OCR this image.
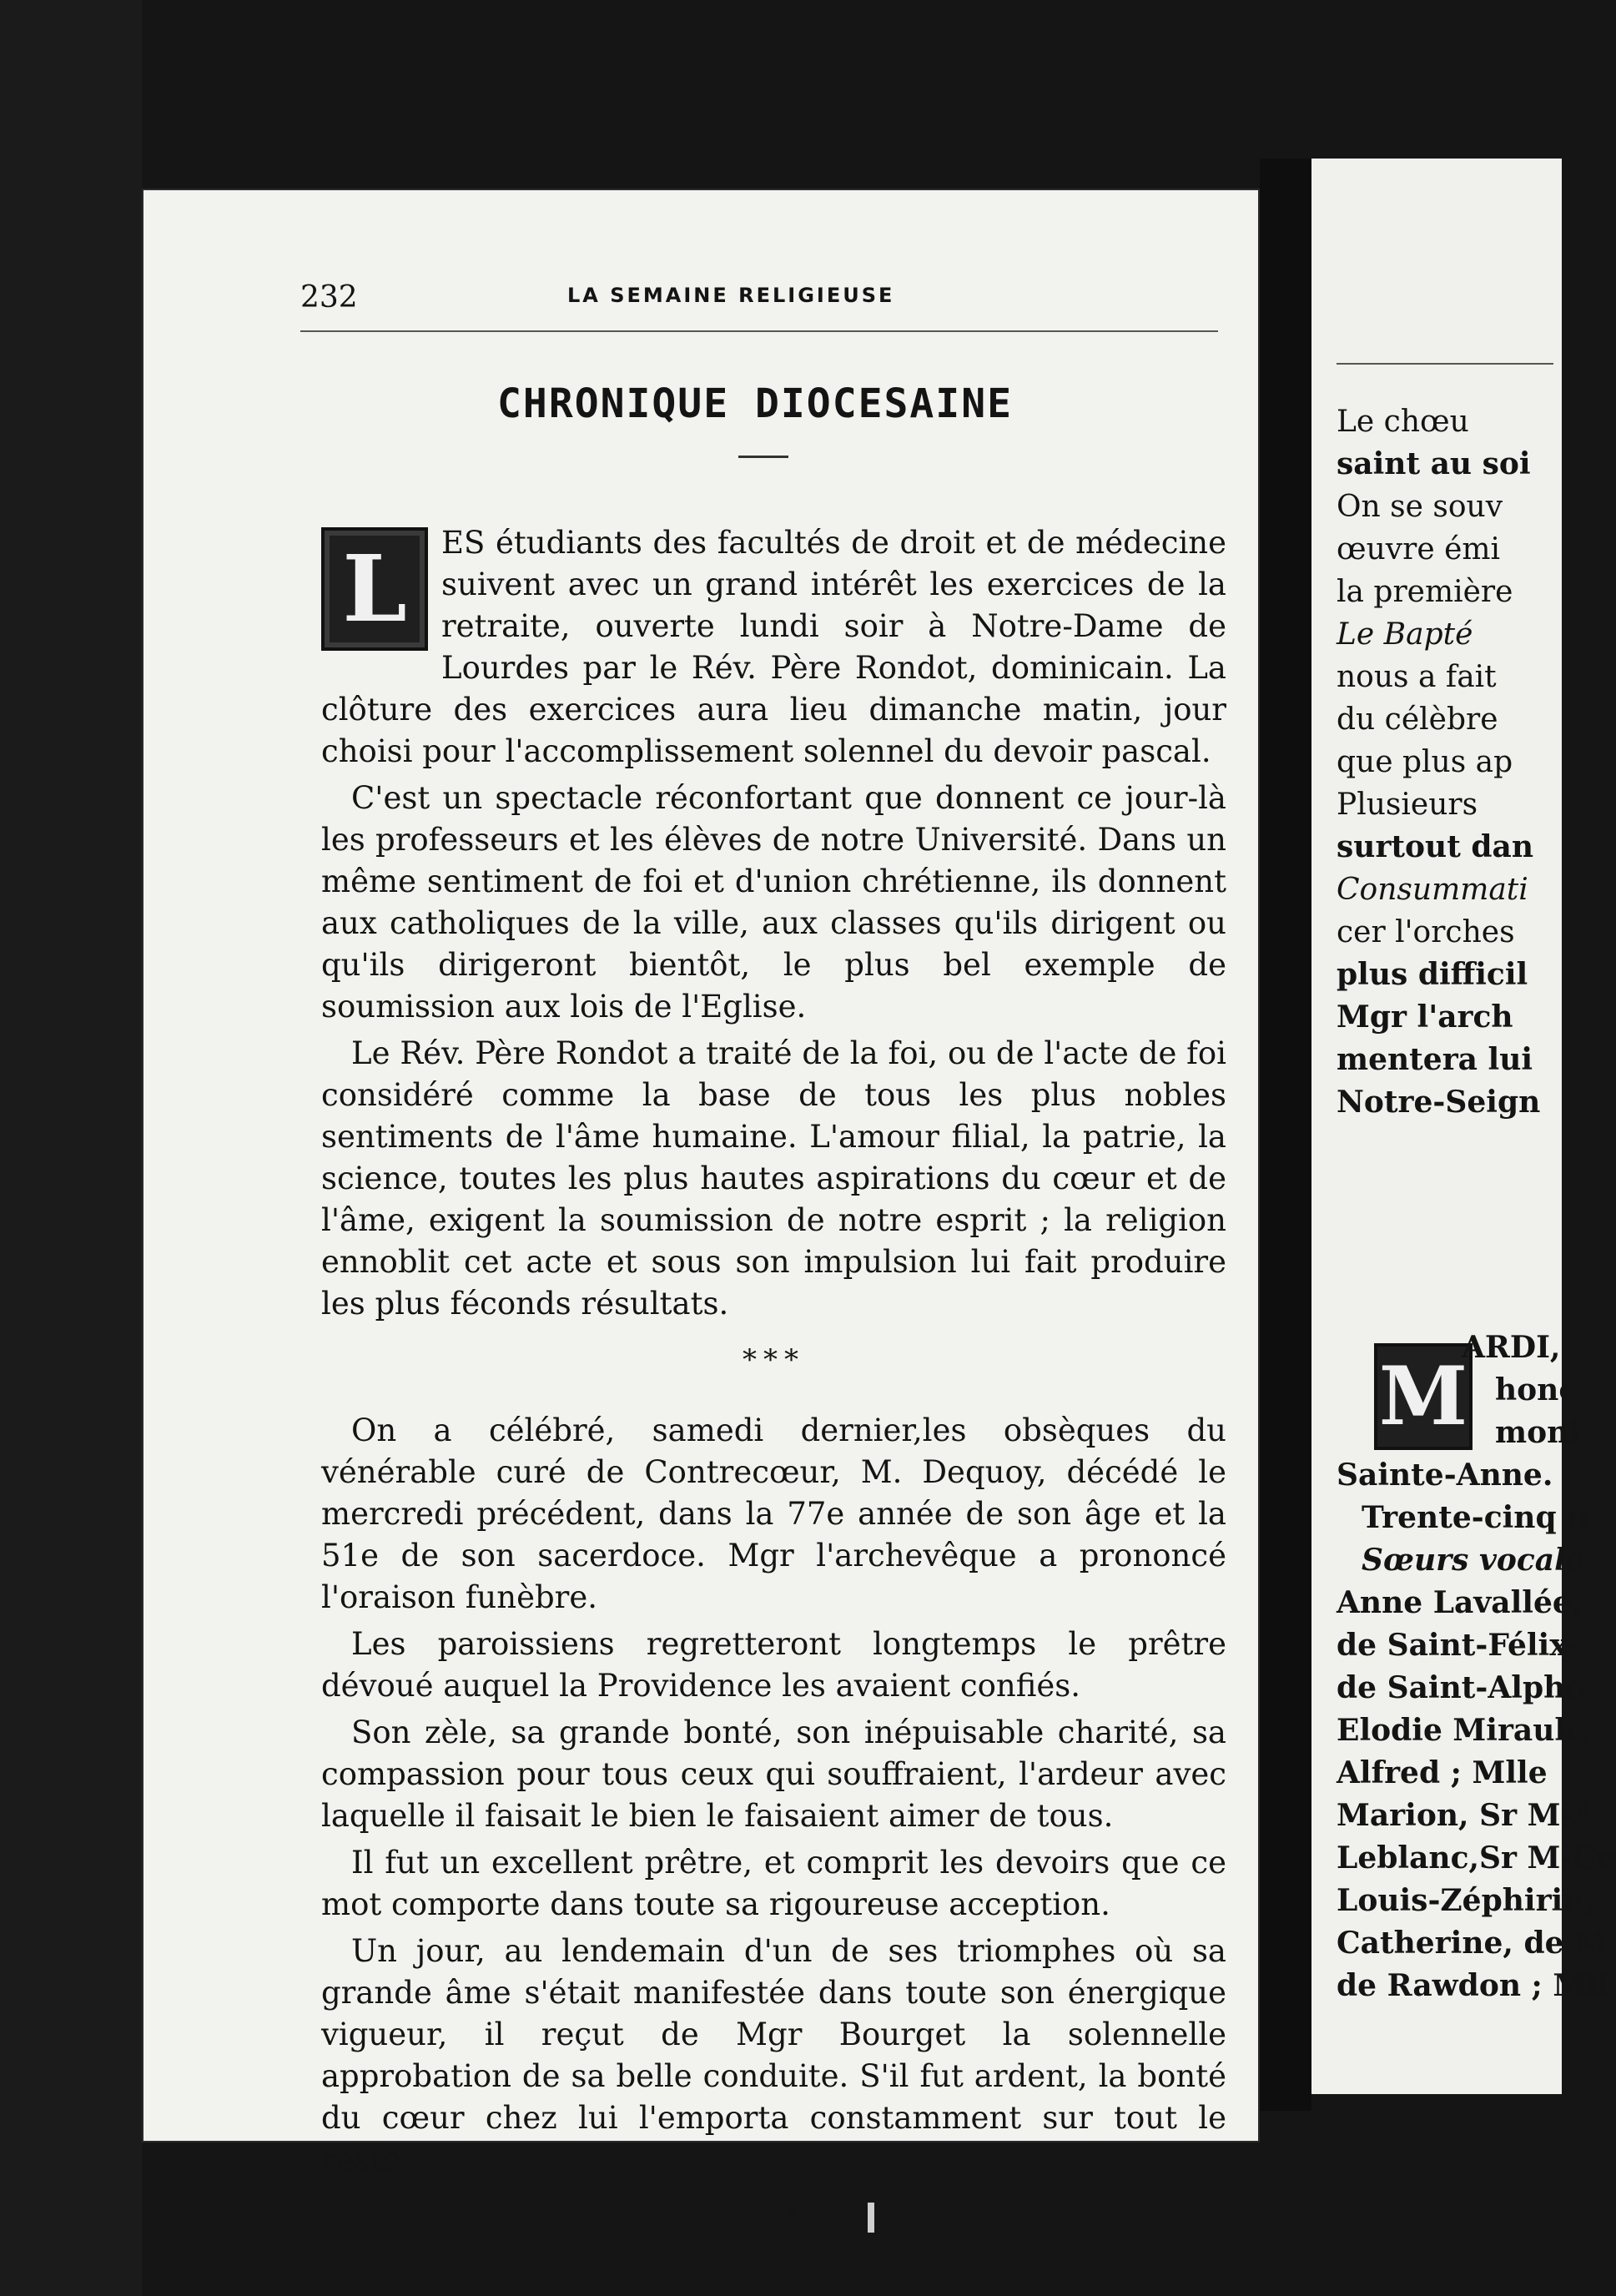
232	LA SEMAINE RELIGIEUSE
CHRONIQUE DIOCESAINE

L	ES étudiants des facultés de droit et de médecine suivent avec un grand intérêt les exercices de la retraite, ouverte lundi soir à Notre-Dame de Lourdes par le Rév. Père Rondot, dominicain. La clôture des exercices aura lieu dimanche matin, jour choisi pour l'accomplissement solennel du devoir pascal.

C'est un spectacle réconfortant que donnent ce jour-là les professeurs et les élèves de notre Université. Dans un même sentiment de foi et d'union chrétienne, ils donnent aux catholiques de la ville, aux classes qu'ils dirigent ou qu'ils dirigeront bientôt, le plus bel exemple de soumission aux lois de l'Eglise.

Le Rév. Père Rondot a traité de la foi, ou de l'acte de foi considéré comme la base de tous les plus nobles sentiments de l'âme humaine. L'amour filial, la patrie, la science, toutes les plus hautes aspirations du cœur et de l'âme, exigent la soumission de notre esprit ; la religion ennoblit cet acte et sous son impulsion lui fait produire les plus féconds résultats.

***

On a célébré, samedi dernier,les obsèques du vénérable curé de Contrecœur, M. Dequoy, décédé le mercredi précédent, dans la 77e année de son âge et la 51e de son sacerdoce. Mgr l'archevêque a prononcé l'oraison funèbre.

Les paroissiens regretteront longtemps le prêtre dévoué auquel la Providence les avaient confiés.

Son zèle, sa grande bonté, son inépuisable charité, sa compassion pour tous ceux qui souffraient, l'ardeur avec laquelle il faisait le bien le faisaient aimer de tous.

Il fut un excellent prêtre, et comprit les devoirs que ce mot comporte dans toute sa rigoureuse acception.

Un jour, au lendemain d'un de ses triomphes où sa grande âme s'était manifestée dans toute son énergique vigueur, il reçut de Mgr Bourget la solennelle approbation de sa belle conduite. S'il fut ardent, la bonté du cœur chez lui l'emporta constamment sur tout le reste.

***
Le chœu
saint au soi
On se souv
œuvre émi
la première
Le Bapté
nous a fait
du célèbre
que plus ap
Plusieurs
surtout dan
Consummati
cer l'orches
plus difficil
Mgr l'arch
mentera lui
Notre-Seign
M
ARDI,
hono
moni
Sainte-Anne.
Trente-cinq p
Sœurs vocale
Anne Lavallée,
de Saint-Félix-
de Saint-Alpho
Elodie Mirault,
Alfred ; Mlle
Marion, Sr M-A
Leblanc,Sr M-Ce
Louis-Zéphirin,
Catherine, de M
de Rawdon ; Mll
